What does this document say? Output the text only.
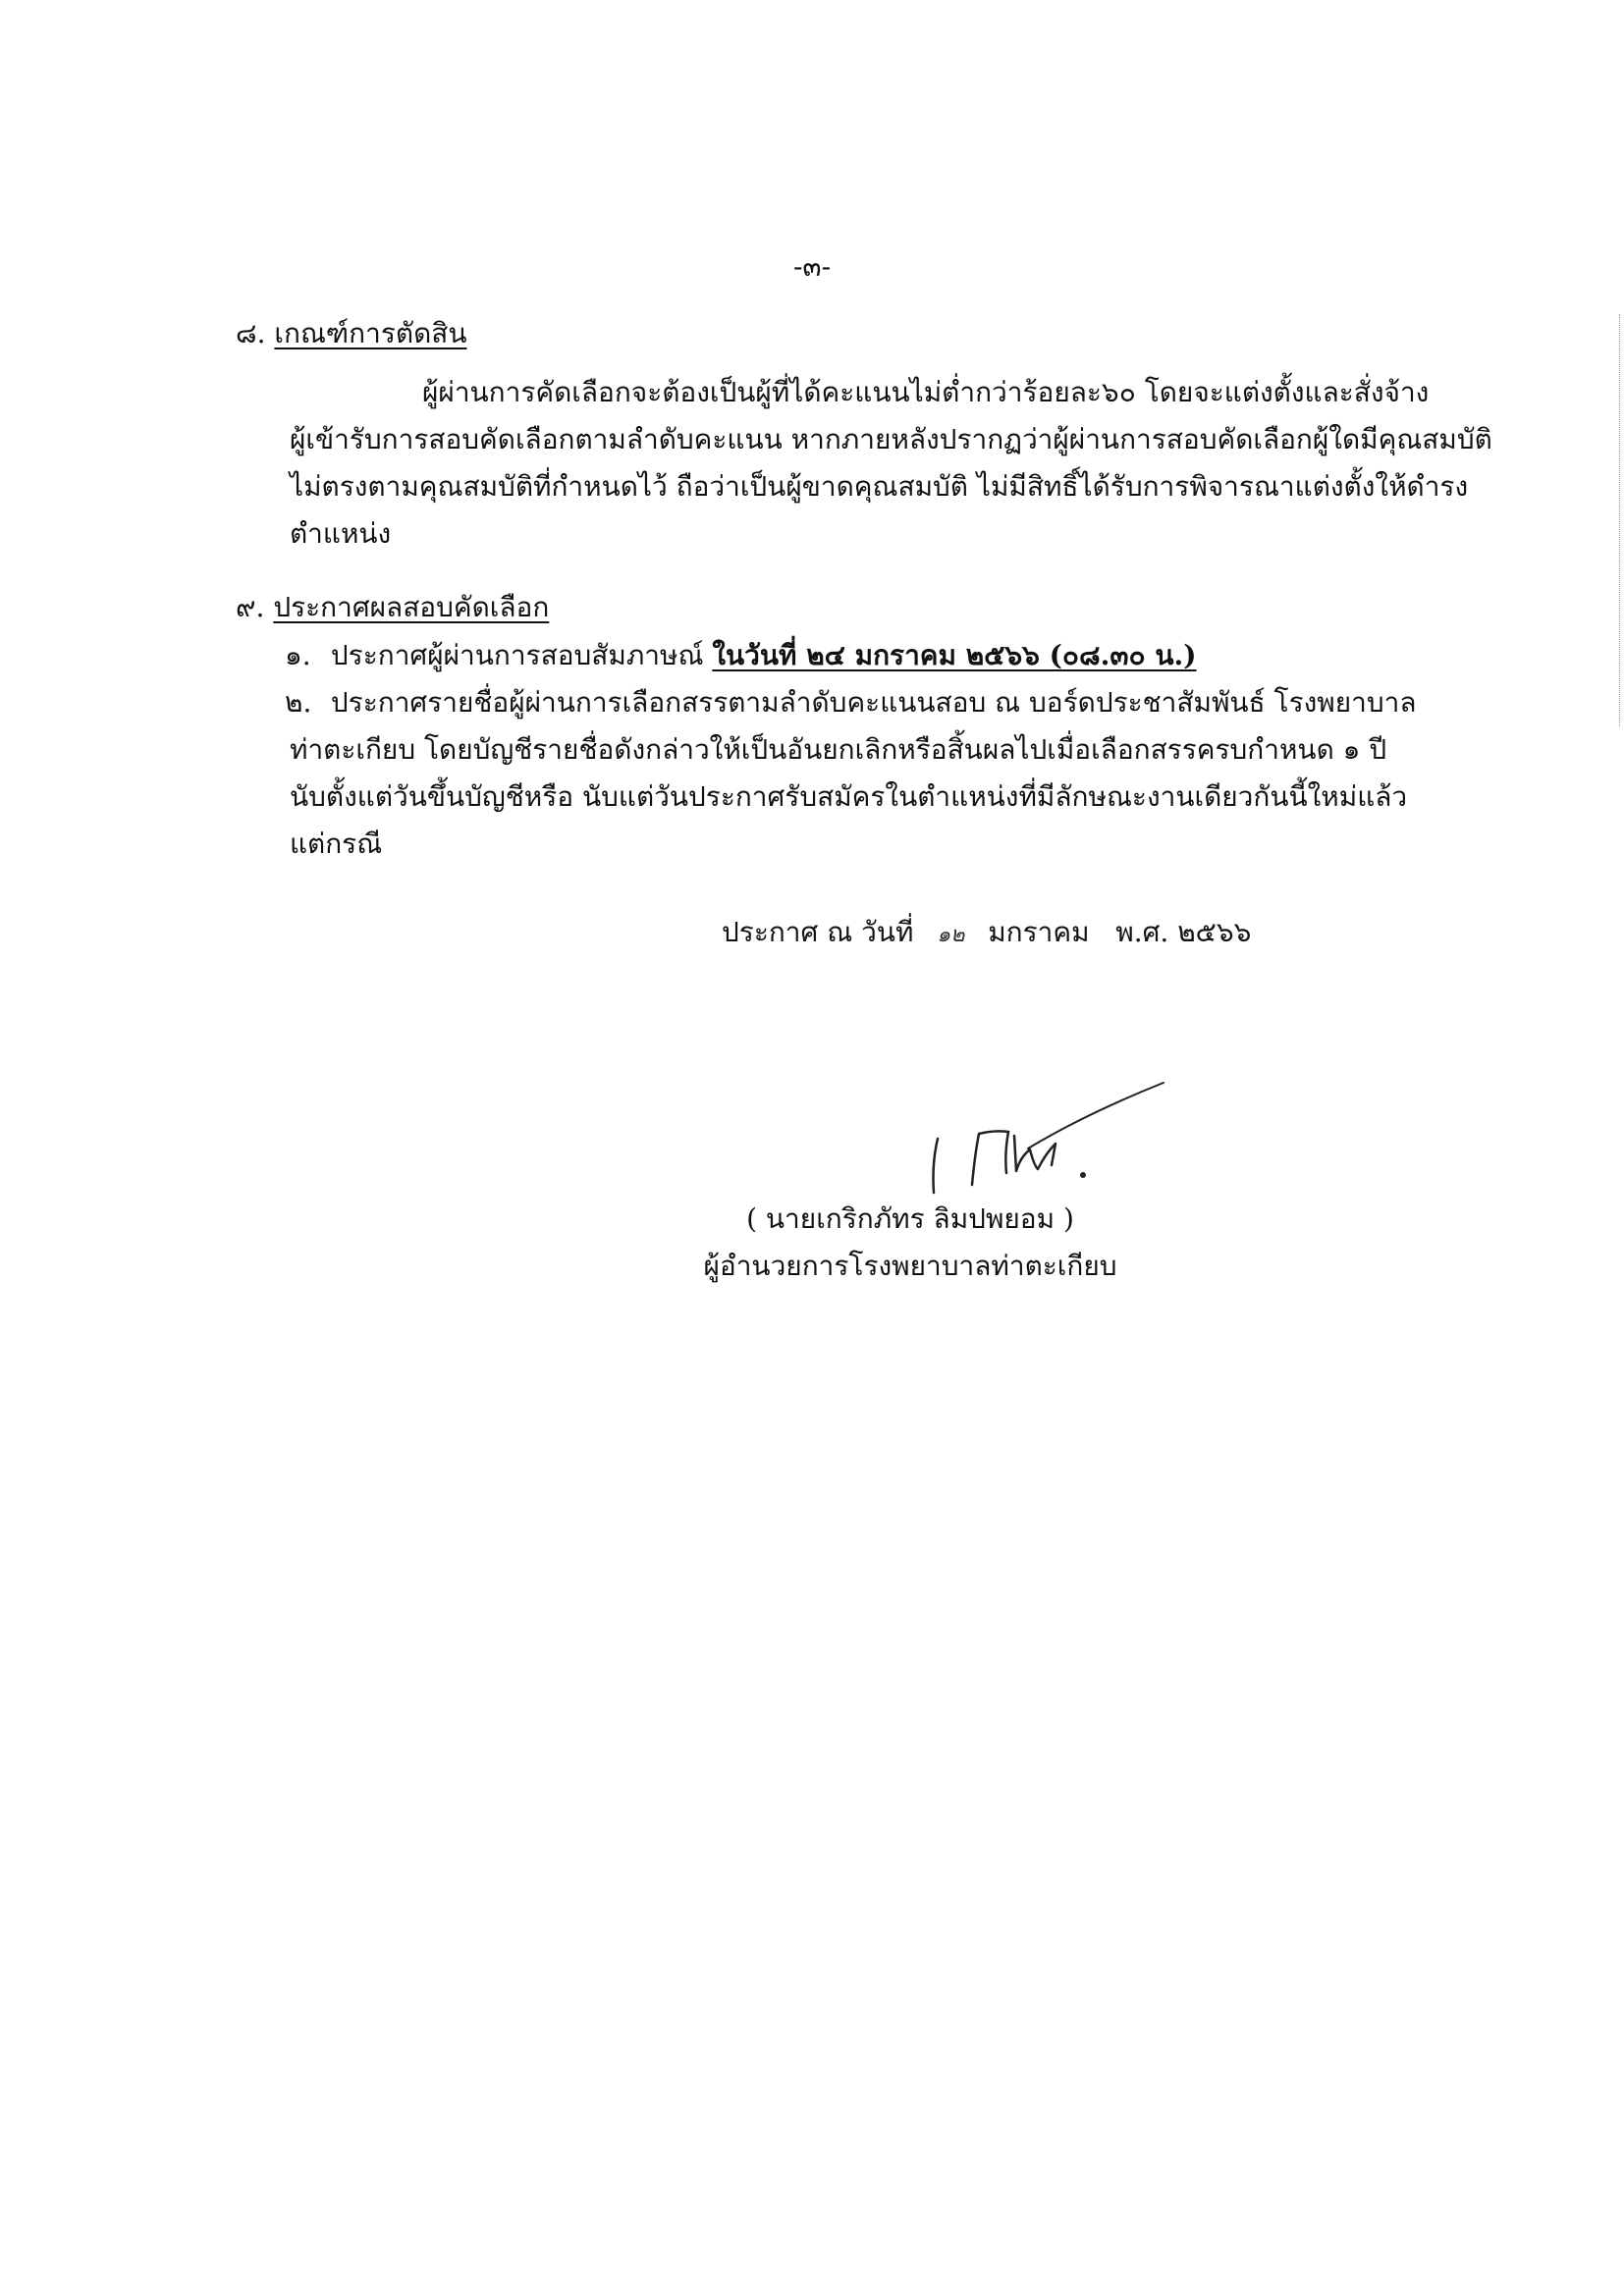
-๓-
๘. เกณฑ์การตัดสิน
ผู้ผ่านการคัดเลือกจะต้องเป็นผู้ที่ได้คะแนนไม่ต่ำกว่าร้อยละ๖๐ โดยจะแต่งตั้งและสั่งจ้าง
ผู้เข้ารับการสอบคัดเลือกตามลำดับคะแนน หากภายหลังปรากฏว่าผู้ผ่านการสอบคัดเลือกผู้ใดมีคุณสมบัติ
ไม่ตรงตามคุณสมบัติที่กำหนดไว้ ถือว่าเป็นผู้ขาดคุณสมบัติ ไม่มีสิทธิ์ได้รับการพิจารณาแต่งตั้งให้ดำรง
ตำแหน่ง
๙. ประกาศผลสอบคัดเลือก
๑. ประกาศผู้ผ่านการสอบสัมภาษณ์ ในวันที่ ๒๔ มกราคม ๒๕๖๖ (๐๘.๓๐ น.)
๒. ประกาศรายชื่อผู้ผ่านการเลือกสรรตามลำดับคะแนนสอบ ณ บอร์ดประชาสัมพันธ์ โรงพยาบาล
ท่าตะเกียบ โดยบัญชีรายชื่อดังกล่าวให้เป็นอันยกเลิกหรือสิ้นผลไปเมื่อเลือกสรรครบกำหนด ๑ ปี
นับตั้งแต่วันขึ้นบัญชีหรือ นับแต่วันประกาศรับสมัครในตำแหน่งที่มีลักษณะงานเดียวกันนี้ใหม่แล้ว
แต่กรณี
ประกาศ ณ วันที่ ๑๒ มกราคม พ.ศ. ๒๕๖๖
( นายเกริกภัทร ลิมปพยอม )
ผู้อำนวยการโรงพยาบาลท่าตะเกียบ
